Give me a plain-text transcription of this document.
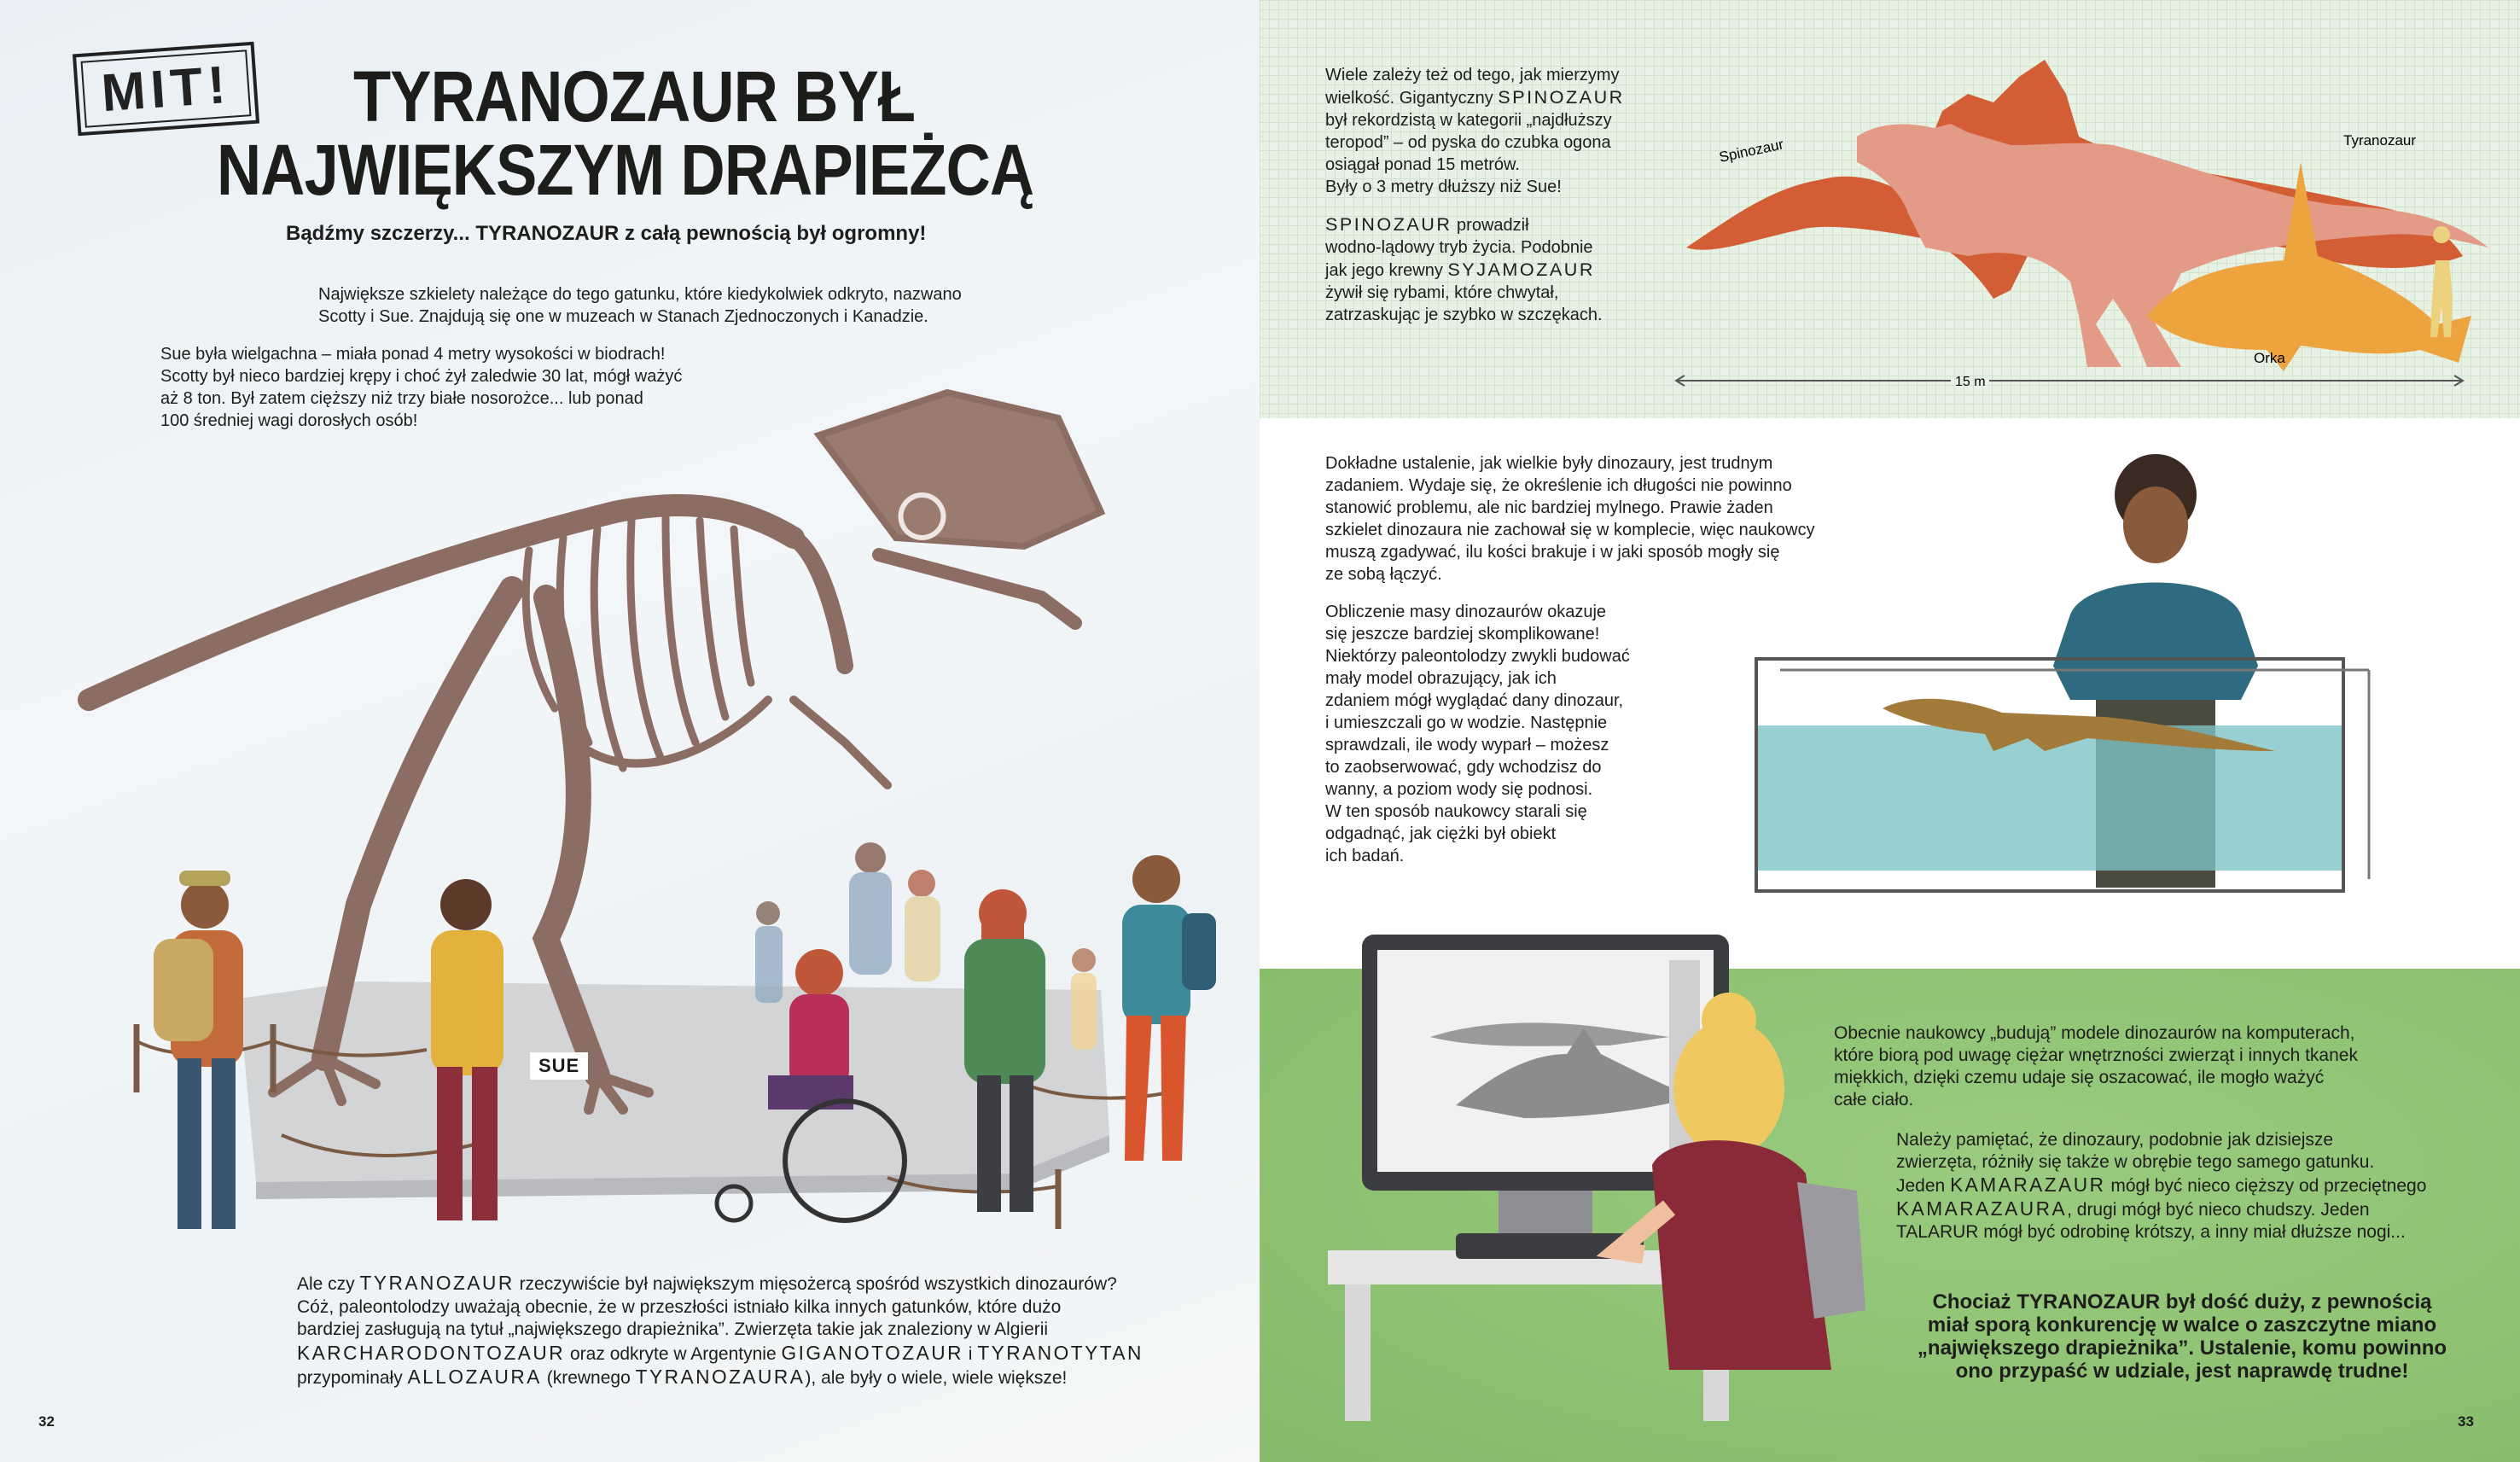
MIT! TYRANOZAUR BYŁ
NAJWIĘKSZYM DRAPIEŻCĄ
Bądźmy szczerzy... TYRANOZAUR z całą pewnością był ogromny!
Największe szkielety należące do tego gatunku, które kiedykolwiek odkryto, nazwano
Scotty i Sue. Znajdują się one w muzeach w Stanach Zjednoczonych i Kanadzie.
Sue była wielgachna – miała ponad 4 metry wysokości w biodrach!
Scotty był nieco bardziej krępy i choć żył zaledwie 30 lat, mógł ważyć
aż 8 ton. Był zatem cięższy niż trzy białe nosorożce... lub ponad
100 średniej wagi dorosłych osób!
SUE
Ale czy TYRANOZAUR rzeczywiście był największym mięsożercą spośród wszystkich dinozaurów?
Cóż, paleontolodzy uważają obecnie, że w przeszłości istniało kilka innych gatunków, które dużo
bardziej zasługują na tytuł „największego drapieżnika”. Zwierzęta takie jak znaleziony w Algierii
KARCHARODONTOZAUR oraz odkryte w Argentynie GIGANOTOZAUR i TYRANOTYTAN
przypominały ALLOZAURA (krewnego TYRANOZAURA), ale były o wiele, wiele większe!
32
Wiele zależy też od tego, jak mierzymy
wielkość. Gigantyczny SPINOZAUR
był rekordzistą w kategorii „najdłuższy
teropod” – od pyska do czubka ogona
osiągał ponad 15 metrów.
Były o 3 metry dłuższy niż Sue!
SPINOZAUR prowadził
wodno-lądowy tryb życia. Podobnie
jak jego krewny SYJAMOZAUR
żywił się rybami, które chwytał,
zatrzaskując je szybko w szczękach.
Spinozaur	Tyranozaur
Orka
15 m
Dokładne ustalenie, jak wielkie były dinozaury, jest trudnym
zadaniem. Wydaje się, że określenie ich długości nie powinno
stanowić problemu, ale nic bardziej mylnego. Prawie żaden
szkielet dinozaura nie zachował się w komplecie, więc naukowcy
muszą zgadywać, ilu kości brakuje i w jaki sposób mogły się
ze sobą łączyć.
Obliczenie masy dinozaurów okazuje
się jeszcze bardziej skomplikowane!
Niektórzy paleontolodzy zwykli budować
mały model obrazujący, jak ich
zdaniem mógł wyglądać dany dinozaur,
i umieszczali go w wodzie. Następnie
sprawdzali, ile wody wyparł – możesz
to zaobserwować, gdy wchodzisz do
wanny, a poziom wody się podnosi.
W ten sposób naukowcy starali się
odgadnąć, jak ciężki był obiekt
ich badań.
Obecnie naukowcy „budują” modele dinozaurów na komputerach,
które biorą pod uwagę ciężar wnętrzności zwierząt i innych tkanek
miękkich, dzięki czemu udaje się oszacować, ile mogło ważyć
całe ciało.
Należy pamiętać, że dinozaury, podobnie jak dzisiejsze
zwierzęta, różniły się także w obrębie tego samego gatunku.
Jeden KAMARAZAUR mógł być nieco cięższy od przeciętnego
KAMARAZAURA, drugi mógł być nieco chudszy. Jeden
TALARUR mógł być odrobinę krótszy, a inny miał dłuższe nogi...
Chociaż TYRANOZAUR był dość duży, z pewnością
miał sporą konkurencję w walce o zaszczytne miano
„największego drapieżnika”. Ustalenie, komu powinno
ono przypaść w udziale, jest naprawdę trudne!
33
